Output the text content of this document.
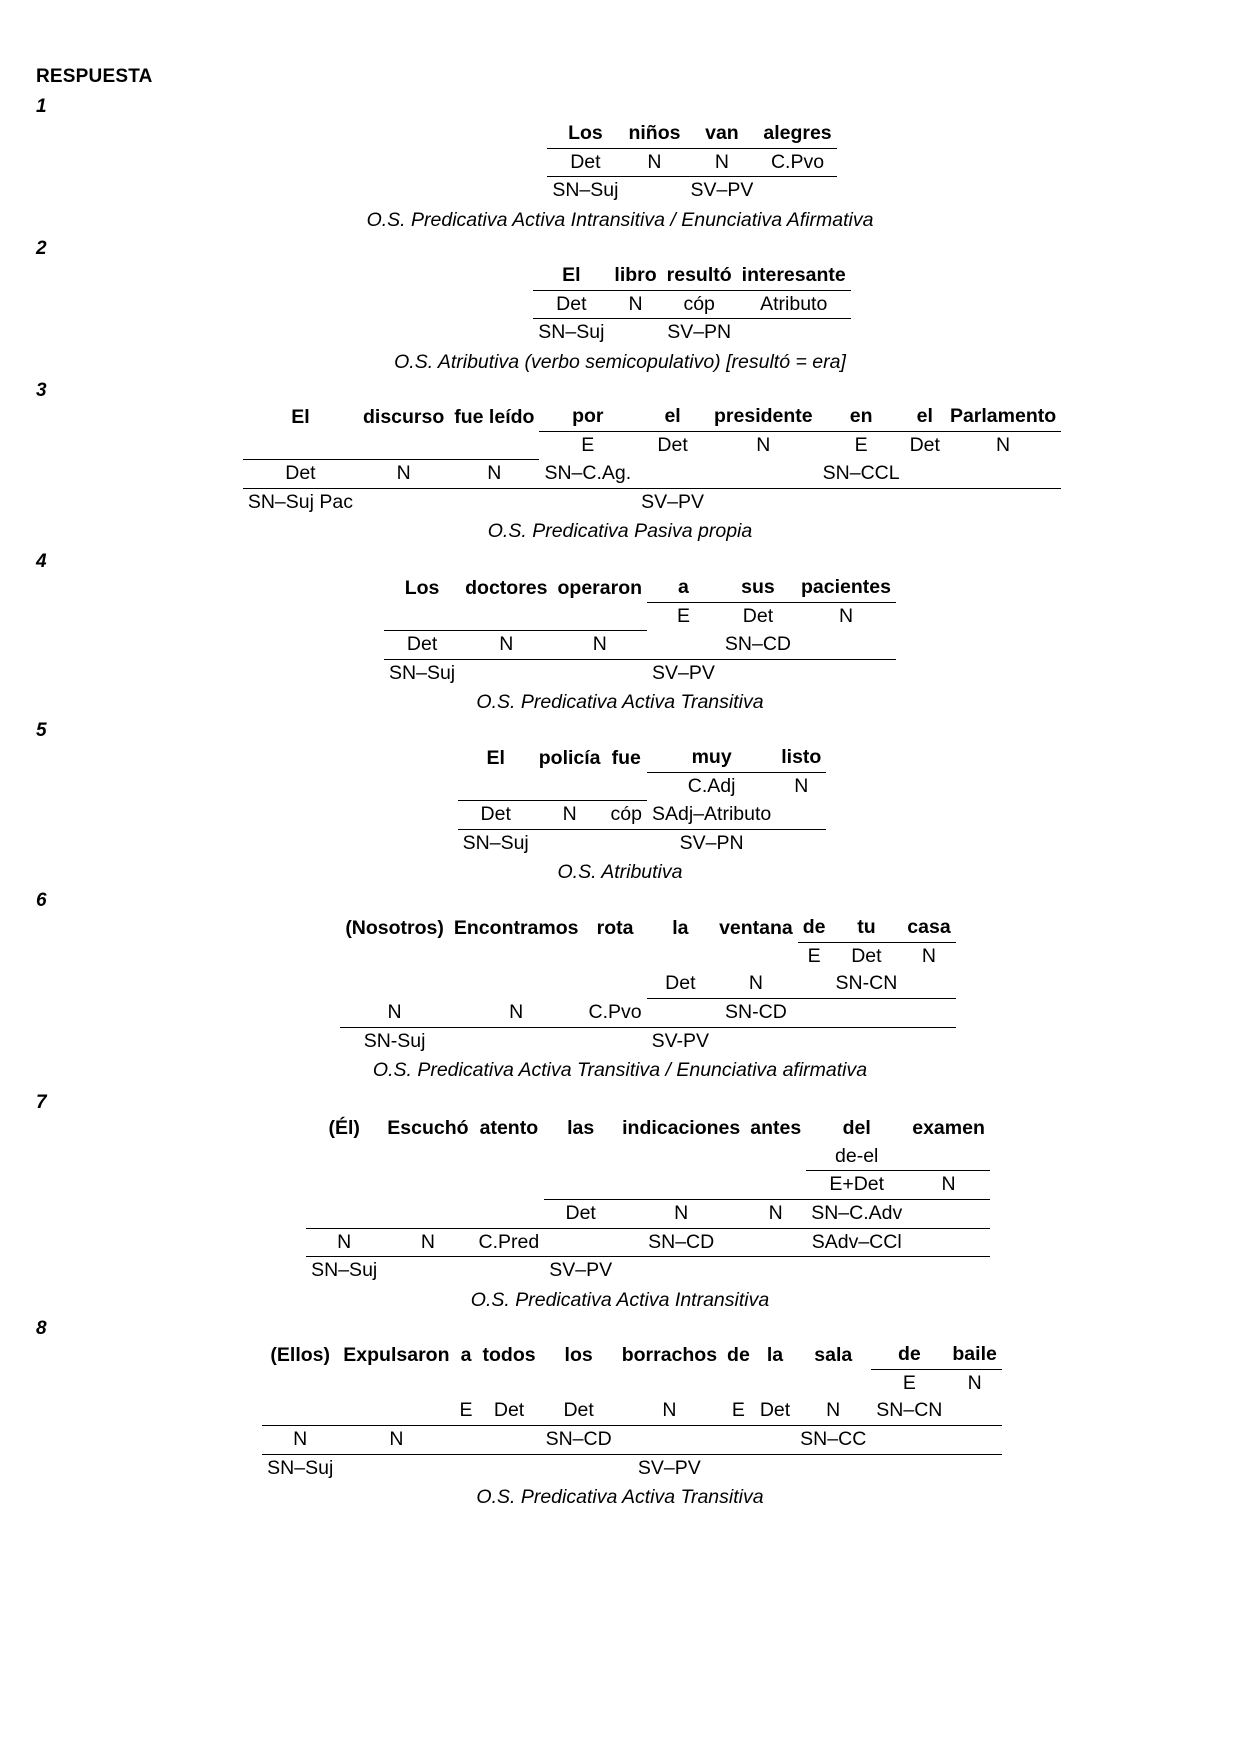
RESPUESTA
1
Los	niños	van	alegres
Det	N	N	C.Pvo
SN–Suj		SV–PV	
O.S. Predicativa Activa Intransitiva / Enunciativa Afirmativa
2
El	libro	resultó	interesante
Det	N	cóp	Atributo
SN–Suj		SV–PN	
O.S. Atributiva (verbo semicopulativo) [resultó = era]
3
El	discurso	fue leído	por	el	presidente	en	el	Parlamento
			E	Det	N	E	Det	N
Det	N	N	SN–C.Ag.			SN–CCL		
SN–Suj Pac				SV–PV				
O.S. Predicativa Pasiva propia
4
Los	doctores	operaron	a	sus	pacientes
			E	Det	N
Det	N	N		SN–CD	
SN–Suj			SV–PV		
O.S. Predicativa Activa Transitiva
5
El	policía	fue	muy	listo
			C.Adj	N
Det	N	cóp	SAdj–Atributo	
SN–Suj			SV–PN	
O.S. Atributiva
6
(Nosotros)	Encontramos	rota	la	ventana	de	tu	casa
					E	Det	N
			Det	N		SN-CN	
N	N	C.Pvo		SN-CD			
SN-Suj			SV-PV				
O.S. Predicativa Activa Transitiva / Enunciativa afirmativa
7
(Él)	Escuchó	atento	las	indicaciones	antes	del	examen
						de-el	
						E+Det	N
			Det	N	N	SN–C.Adv	
N	N	C.Pred		SN–CD		SAdv–CCl	
SN–Suj			SV–PV				
O.S. Predicativa Activa Intransitiva
8
(Ellos)	Expulsaron	a	todos	los	borrachos	de	la	sala	de	baile
									E	N
		E	Det	Det	N	E	Det	N	SN–CN	
N	N			SN–CD				SN–CC		
SN–Suj					SV–PV					
O.S. Predicativa Activa Transitiva
